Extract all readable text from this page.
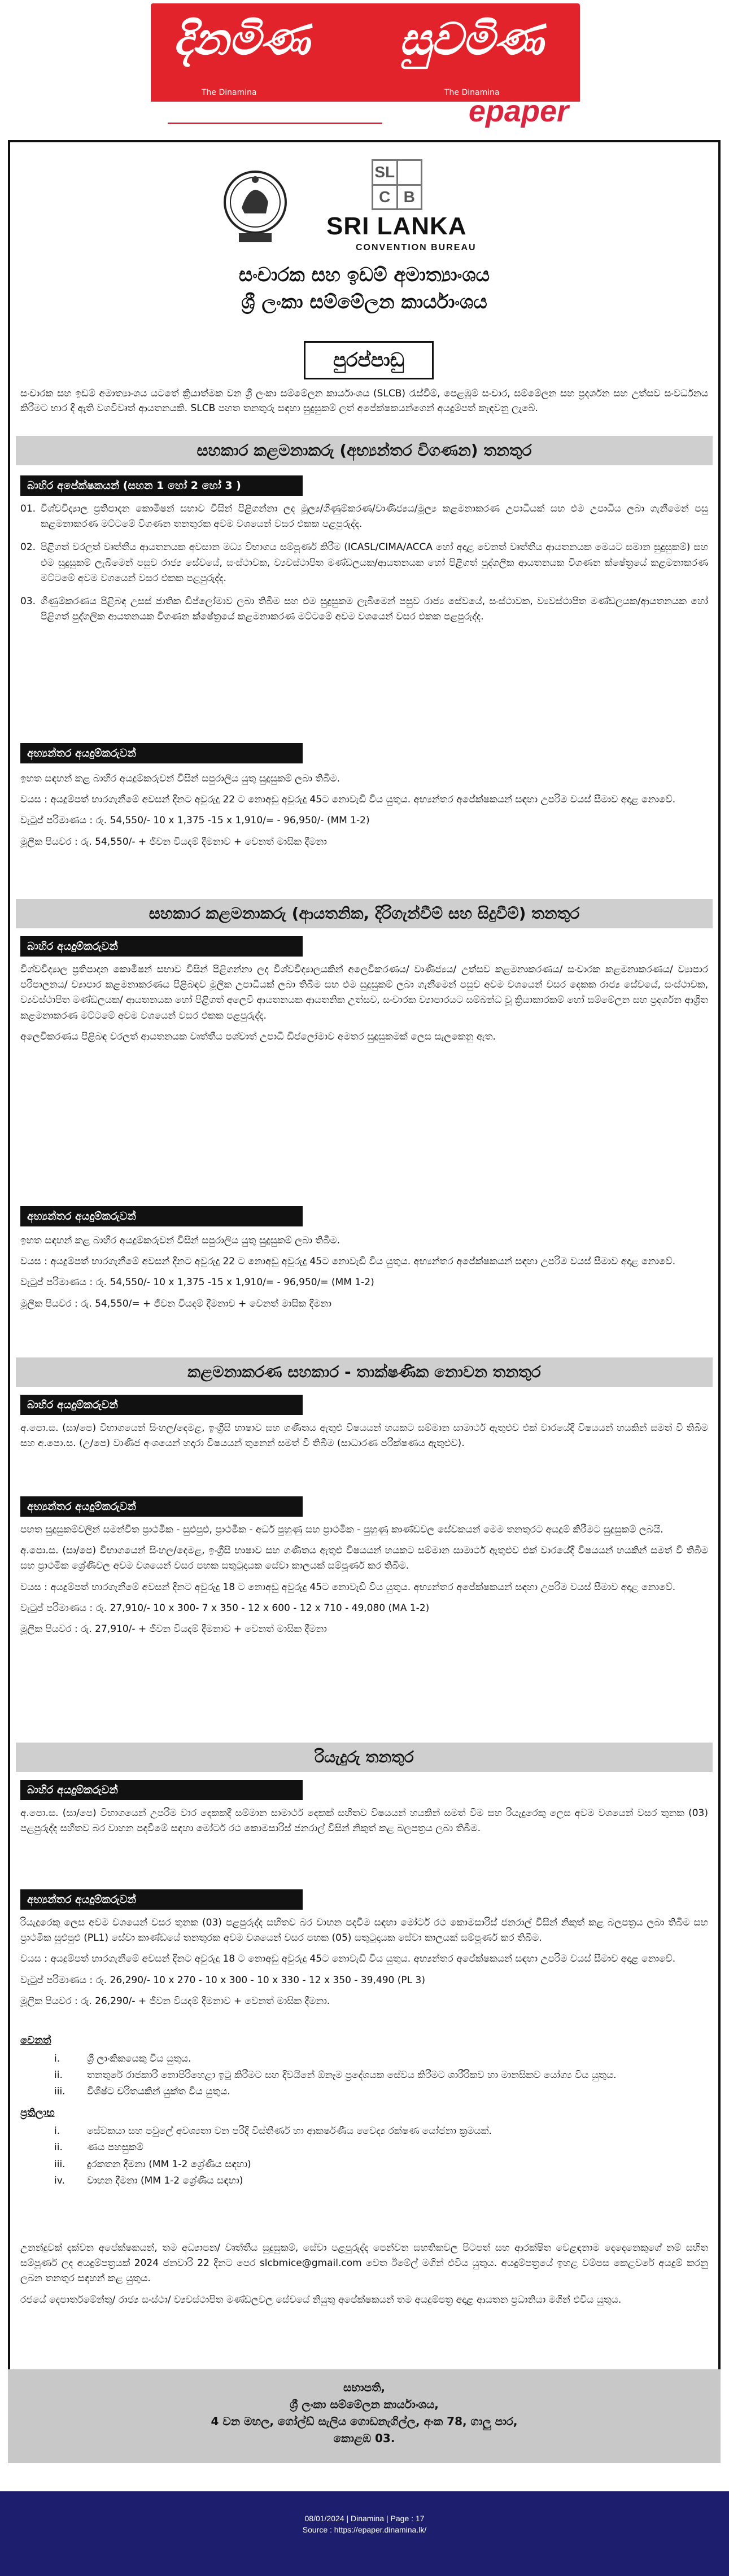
දිනමිණ සුවමිණ
The Dinamina	The Dinamina
epaper
SL
C B
SRI LANKA
CONVENTION BUREAU
සංචාරක සහ ඉඩම් අමාත්‍යාංශය
ශ්‍රී ලංකා සම්මේලන කාර්යාංශය
පුරප්පාඩු
සංචාරක සහ ඉඩම් අමාත්‍යාංශය යටතේ ක්‍රියාත්මක වන ශ්‍රී ලංකා සම්මේලන කාර්යාංශය (SLCB) රැස්වීම්, පෙළඹුම් සංචාර, සම්මේලන සහ ප්‍රදර්ශන සහ උත්සව සංවර්ධනය කිරීමට භාර දී ඇති වගවිවෘත් ආයතනයකි. SLCB පහත තනතුරු සඳහා සුදුසුකම් ලත් අපේක්ෂකයන්ගෙන් අයදුම්පත් කැඳවනු ලැබේ.
සහකාර කළමනාකරු (අභ්‍යන්තර විගණන) තනතුර
බාහිර අපේක්ෂකයන් (සහන 1 හෝ 2 හෝ 3 )
01. විශ්වවිද්‍යාල ප්‍රතිපාදන කොමිෂන් සභාව විසින් පිළිගන්නා ලද මූල්‍ය/ගිණුම්කරණ/වාණිජ්‍යය/මූල්‍ය කළමනාකරණ උපාධියක් සහ එම උපාධිය ලබා ගැනීමෙන් පසු කළමනාකරණ මට්ටමේ විගණන තනතුරක අවම වශයෙන් වසර එකක පළපුරුද්ද.
02. පිළිගත් වරලත් වෘත්තීය ආයතනයක අවසාන මධ්‍ය විභාගය සම්පූර්ණ කිරීම (ICASL/CIMA/ACCA හෝ අදාළ වෙනත් වෘත්තීය ආයතනයක මෙයට සමාන සුදුසුකම්) සහ එම සුදුසුකම් ලැබීමෙන් පසුව රාජ්‍ය සේවයේ, සංස්ථාවක, ව්‍යවස්ථාපිත මණ්ඩලයක/ආයතනයක හෝ පිළිගත් පුද්ගලික ආයතනයක විගණන ක්ෂේත්‍රයේ කළමනාකරණ මට්ටමේ අවම වශයෙන් වසර එකක පළපුරුද්ද.
03. ගිණුම්කරණය පිළිබඳ උසස් ජාතික ඩිප්ලෝමාව ලබා තිබීම සහ එම සුදුසුකම ලැබීමෙන් පසුව රාජ්‍ය සේවයේ, සංස්ථාවක, ව්‍යවස්ථාපිත මණ්ඩලයක/ආයතනයක හෝ පිළිගත් පුද්ගලික ආයතනයක විගණන ක්ෂේත්‍රයේ කළමනාකරණ මට්ටමේ අවම වශයෙන් වසර එකක පළපුරුද්ද.
අභ්‍යන්තර අයදුම්කරුවන්

ඉහත සඳහන් කළ බාහිර අයදුම්කරුවන් විසින් සපුරාලිය යුතු සුදුසුකම් ලබා තිබීම.

වයස : අයදුම්පත් භාරගැනීමේ අවසන් දිනට අවුරුදු 22 ට නොඅඩු අවුරුදු 45ට නොවැඩි විය යුතුය. අභ්‍යන්තර අපේක්ෂකයන් සඳහා උපරිම වයස් සීමාව අදාළ නොවේ.

වැටුප් පරිමාණය : රු. 54,550/- 10 x 1,375 -15 x 1,910/= - 96,950/- (MM 1-2)

මූලික පියවර : රු. 54,550/- + ජීවන වියදම් දීමනාව + වෙනත් මාසික දීමනා

සහකාර කළමනාකරු (ආයතනික, දිරිගැන්වීම් සහ සිදුවීම්) තනතුර
බාහිර අයදුම්කරුවන්

විශ්වවිද්‍යාල ප්‍රතිපාදන කොමිෂන් සභාව විසින් පිළිගන්නා ලද විශ්වවිද්‍යාලයකින් අලෙවිකරණය/ වාණිජ්‍යය/ උත්සව කළමනාකරණය/ සංචාරක කළමනාකරණය/ ව්‍යාපාර පරිපාලනය/ ව්‍යාපාර කළමනාකරණය පිළිබඳව මූලික උපාධියක් ලබා තිබීම සහ එම සුදුසුකම් ලබා ගැනීමෙන් පසුව අවම වශයෙන් වසර දෙකක රාජ්‍ය සේවයේ, සංස්ථාවක, ව්‍යවස්ථාපිත මණ්ඩලයක/ ආයතනයක හෝ පිළිගත් අලෙවි ආයතනයක ආයතනික උත්සව, සංචාරක ව්‍යාපාරයට සම්බන්ධ වූ ක්‍රියාකාරකම් හෝ සම්මේලන සහ ප්‍රදර්ශන ආශ්‍රිත කළමනාකරණ මට්ටමේ අවම වශයෙන් වසර එකක පළපුරුද්ද.

අලෙවිකරණය පිළිබඳ වරලත් ආයතනයක වෘත්තීය පශ්චාත් උපාධි ඩිප්ලෝමාව අමතර සුදුසුකමක් ලෙස සැලකෙනු ඇත.

අභ්‍යන්තර අයදුම්කරුවන්

ඉහත සඳහන් කළ බාහිර අයදුම්කරුවන් විසින් සපුරාලිය යුතු සුදුසුකම් ලබා තිබීම.

වයස : අයදුම්පත් භාරගැනීමේ අවසන් දිනට අවුරුදු 22 ට නොඅඩු අවුරුදු 45ට නොවැඩි විය යුතුය. අභ්‍යන්තර අපේක්ෂකයන් සඳහා උපරිම වයස් සීමාව අදාළ නොවේ.

වැටුප් පරිමාණය : රු. 54,550/- 10 x 1,375 -15 x 1,910/= - 96,950/= (MM 1-2)

මූලික පියවර : රු. 54,550/= + ජීවන වියදම් දීමනාව + වෙනත් මාසික දීමනා

කළමනාකරණ සහකාර - තාක්ෂණික නොවන තනතුර
බාහිර අයදුම්කරුවන්

අ.පො.ස. (සා/පෙ) විභාගයෙන් සිංහල/දෙමළ, ඉංග්‍රීසි භාෂාව සහ ගණිතය ඇතුළු විෂයයන් හයකට සම්මාන සාමාර්ථ ඇතුළුව එක් වාරයේදී විෂයයන් හයකින් සමත් වී තිබීම සහ අ.පො.ස. (උ/පෙ) වාණිජ අංශයෙන් හදාරා විෂයයන් තුනෙන් සමත් වී තිබීම (සාධාරණ පරීක්ෂණය ඇතුළුව).

අභ්‍යන්තර අයදුම්කරුවන්

පහත සුදුසුකම්වලින් සමන්විත ප්‍රාථමික - සුළුපුළු, ප්‍රාථමික - අර්ධ පුහුණු සහ ප්‍රාථමික - පුහුණු කාණ්ඩවල සේවකයන් මෙම තනතුරට අයදුම් කිරීමට සුදුසුකම් ලබයි.

අ.පො.ස. (සා/පෙ) විභාගයෙන් සිංහල/දෙමළ, ඉංග්‍රීසි භාෂාව සහ ගණිතය ඇතුළු විෂයයන් හයකට සම්මාන සාමාර්ථ ඇතුළුව එක් වාරයේදී විෂයයන් හයකින් සමත් වී තිබීම සහ ප්‍රාථමික ශ්‍රේණිවල අවම වශයෙන් වසර පහක සතුටුදායක සේවා කාලයක් සම්පූර්ණ කර තිබීම.

වයස : අයදුම්පත් භාරගැනීමේ අවසන් දිනට අවුරුදු 18 ට නොඅඩු අවුරුදු 45ට නොවැඩි විය යුතුය. අභ්‍යන්තර අපේක්ෂකයන් සඳහා උපරිම වයස් සීමාව අදාළ නොවේ.

වැටුප් පරිමාණය : රු. 27,910/- 10 x 300- 7 x 350 - 12 x 600 - 12 x 710 - 49,080 (MA 1-2)

මූලික පියවර : රු. 27,910/- + ජීවන වියදම් දීමනාව + වෙනත් මාසික දීමනා

රියැදුරු තනතුර
බාහිර අයදුම්කරුවන්

අ.පො.ස. (සා/පෙ) විභාගයෙන් උපරිම වාර දෙකකදී සම්මාන සාමාර්ථ දෙකක් සහිතව විෂයයන් හයකින් සමත් වීම සහ රියැදුරෙකු ලෙස අවම වශයෙන් වසර තුනක (03) පළපුරුද්ද සහිතව බර වාහන පදවීමේ සඳහා මෝටර් රථ කොමසාරිස් ජනරාල් විසින් නිකුත් කළ බලපත්‍රය ලබා තිබීම.

අභ්‍යන්තර අයදුම්කරුවන්

රියැදුරෙකු ලෙස අවම වශයෙන් වසර තුනක (03) පළපුරුද්ද සහිතව බර වාහන පදවීම සඳහා මෝටර් රථ කොමසාරිස් ජනරාල් විසින් නිකුත් කළ බලපත්‍රය ලබා තිබීම සහ ප්‍රාථමික සුළුපුළු (PL1) සේවා කාණ්ඩයේ තනතුරක අවම වශයෙන් වසර පහක (05) සතුටුදායක සේවා කාලයක් සම්පූර්ණ කර තිබීම.

වයස : අයදුම්පත් භාරගැනීමේ අවසන් දිනට අවුරුදු 18 ට නොඅඩු අවුරුදු 45ට නොවැඩි විය යුතුය. අභ්‍යන්තර අපේක්ෂකයන් සඳහා උපරිම වයස් සීමාව අදාළ නොවේ.

වැටුප් පරිමාණය : රු. 26,290/- 10 x 270 - 10 x 300 - 10 x 330 - 12 x 350 - 39,490 (PL 3)

මූලික පියවර : රු. 26,290/- + ජීවන වියදම් දීමනාව + වෙනත් මාසික දීමනා.

වෙනත්
i.	ශ්‍රී ලාංකිකයෙකු විය යුතුය.
ii.	තනතුරේ රාජකාරි නොපිරිහෙළා ඉටු කිරීමට සහ දිවයිනේ ඕනෑම ප්‍රදේශයක සේවය කිරීමට ශාරීරිකව හා මානසිකව යෝග්‍ය විය යුතුය.
iii.	විශිෂ්ට චරිතයකින් යුක්ත විය යුතුය.
ප්‍රතිලාභ
i.	සේවකයා සහ පවුලේ අවශ්‍යතා වන පරිදි විස්තීර්ණ හා ආකර්ෂණීය වෛද්‍ය රක්ෂණ යෝජනා ක්‍රමයක්.
ii.	ණය පහසුකම්
iii.	දුරකතන දීමනා (MM 1-2 ශ්‍රේණිය සඳහා)
iv.	වාහන දීමනා (MM 1-2 ශ්‍රේණිය සඳහා)

උනන්දුවක් දක්වන අපේක්ෂකයන්, තම අධ්‍යාපන/ වෘත්තීය සුදුසුකම්, සේවා පළපුරුද්ද පෙන්වන සහතිකවල පිටපත් සහ ආරක්ෂිත වෙළඳනාම දෙදෙනෙකුගේ නම් සහිත සම්පූර්ණ ලද අයදුම්පත්‍රයක් 2024 ජනවාරි 22 දිනට පෙර slcbmice@gmail.com වෙත ඊමේල් මගින් එවිය යුතුය. අයදුම්පත්‍රයේ ඉහළ වම්පස කෙළවරේ අයදුම් කරනු ලබන තනතුර සඳහන් කළ යුතුය.

රජයේ දෙපාර්තමේන්තු/ රාජ්‍ය සංස්ථා/ ව්‍යවස්ථාපිත මණ්ඩලවල සේවයේ නියුතු අපේක්ෂකයන් තම අයදුම්පත්‍ර අදාළ ආයතන ප්‍රධානියා මගින් එවිය යුතුය.

සභාපති,
ශ්‍රී ලංකා සම්මේලන කාර්යාංශය,
4 වන මහල, ගෝල්ඩ් සැලිය ගොඩනැගිල්ල, අංක 78, ගාලු පාර,
කොළඹ 03.
08/01/2024 | Dinamina | Page : 17
Source : https://epaper.dinamina.lk/
